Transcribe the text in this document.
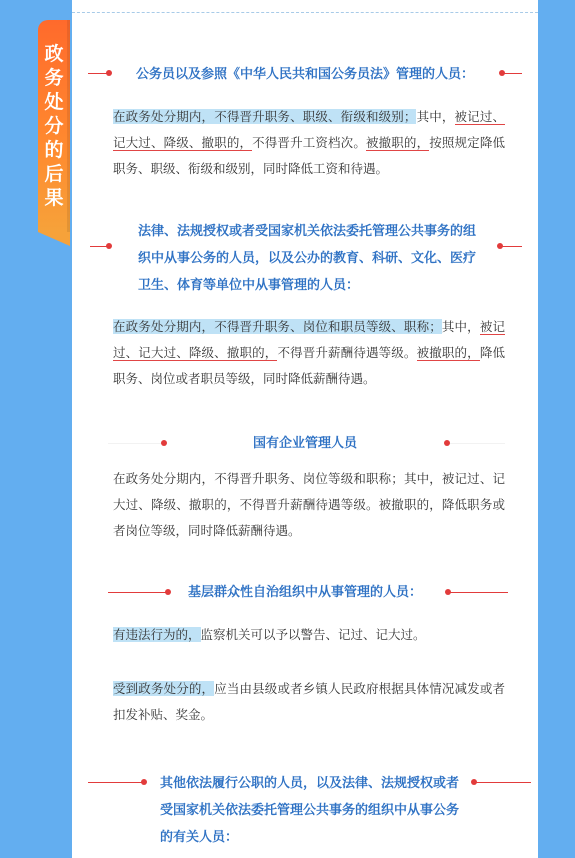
政务处分的后果
公务员以及参照《中华人民共和国公务员法》管理的人员：
在政务处分期内，不得晋升职务、职级、衔级和级别；其中，被记过、记大过、降级、撤职的，不得晋升工资档次。被撤职的，按照规定降低职务、职级、衔级和级别，同时降低工资和待遇。
法律、法规授权或者受国家机关依法委托管理公共事务的组织中从事公务的人员，以及公办的教育、科研、文化、医疗卫生、体育等单位中从事管理的人员：
在政务处分期内，不得晋升职务、岗位和职员等级、职称；其中，被记过、记大过、降级、撤职的，不得晋升薪酬待遇等级。被撤职的，降低职务、岗位或者职员等级，同时降低薪酬待遇。
国有企业管理人员
在政务处分期内，不得晋升职务、岗位等级和职称；其中，被记过、记大过、降级、撤职的，不得晋升薪酬待遇等级。被撤职的，降低职务或者岗位等级，同时降低薪酬待遇。
基层群众性自治组织中从事管理的人员：
有违法行为的，监察机关可以予以警告、记过、记大过。
受到政务处分的，应当由县级或者乡镇人民政府根据具体情况减发或者扣发补贴、奖金。
其他依法履行公职的人员，以及法律、法规授权或者受国家机关依法委托管理公共事务的组织中从事公务的有关人员：
